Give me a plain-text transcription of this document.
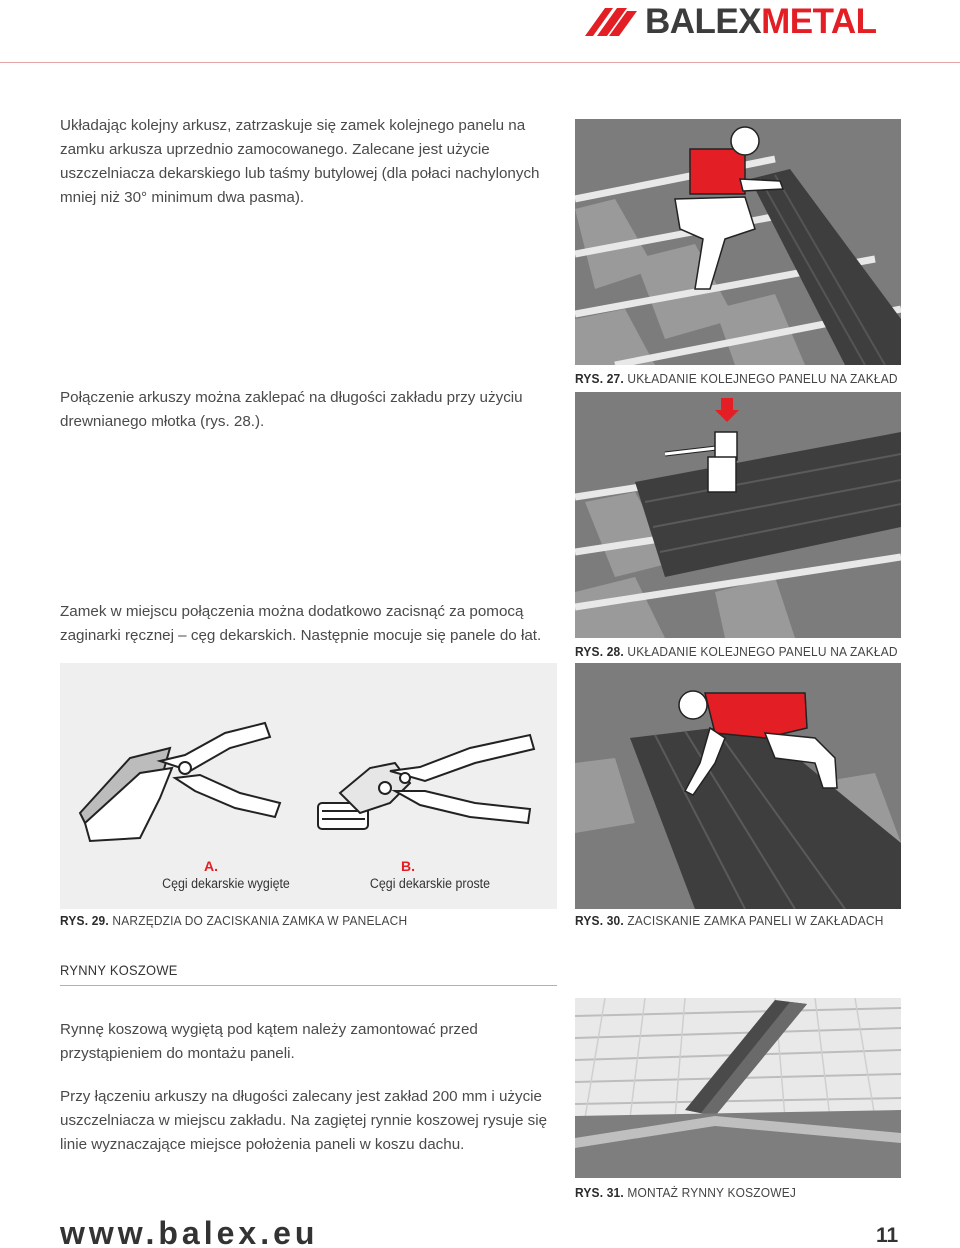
BALEXMETAL

Układając kolejny arkusz, zatrzaskuje się zamek kolejnego panelu na zamku arkusza uprzednio zamocowanego. Zalecane jest użycie uszczelniacza dekarskiego lub taśmy butylowej (dla połaci nachylonych mniej niż 30° minimum dwa pasma).

Połączenie arkuszy można zaklepać na długości zakładu przy użyciu drewnianego młotka (rys. 28.).

Zamek w miejscu połączenia można dodatkowo zacisnąć za pomocą zaginarki ręcznej – cęg dekarskich. Następnie mocuje się panele do łat.

RYS. 27. UKŁADANIE KOLEJNEGO PANELU NA ZAKŁAD
RYS. 28. UKŁADANIE KOLEJNEGO PANELU NA ZAKŁAD
A.
Cęgi dekarskie wygięte
B.
Cęgi dekarskie proste
RYS. 29. NARZĘDZIA DO ZACISKANIA ZAMKA W PANELACH	RYS. 30. ZACISKANIE ZAMKA PANELI W ZAKŁADACH
RYNNY KOSZOWE

Rynnę koszową wygiętą pod kątem należy zamontować przed przystąpieniem do montażu paneli.

Przy łączeniu arkuszy na długości zalecany jest zakład 200 mm i użycie uszczelniacza w miejscu zakładu. Na zagiętej rynnie koszowej rysuje się linie wyznaczające miejsce położenia paneli w koszu dachu.

RYS. 31. MONTAŻ RYNNY KOSZOWEJ
www.balex.eu	11
